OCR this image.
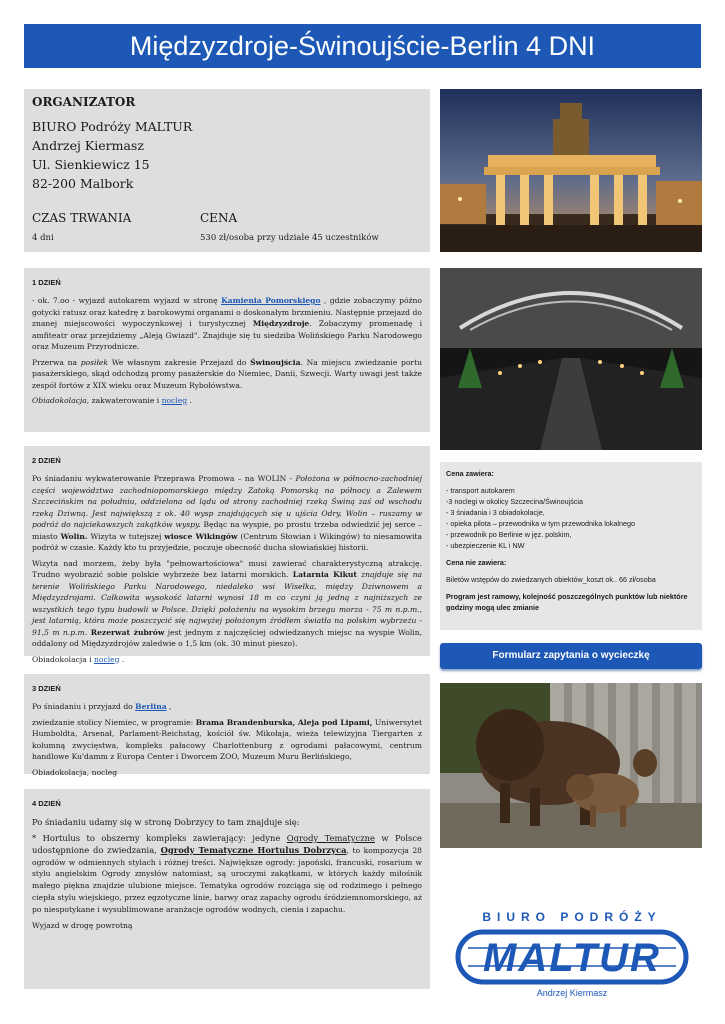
Międzyzdroje-Świnoujście-Berlin 4 DNI
ORGANIZATOR
BIURO Podróży MALTUR
Andrzej Kiermasz
Ul. Sienkiewicz 15
82-200 Malbork
CZAS TRWANIA
4 dni
CENA
530 zł/osoba przy udziale 45 uczestników
1 DZIEŃ

- ok. 7.oo - wyjazd autokarem wyjazd w stronę Kamienia Pomorskiego , gdzie zobaczymy późno gotycki ratusz oraz katedrę z barokowymi organami o doskonałym brzmieniu. Następnie przejazd do znanej miejscowości wypoczynkowej i turystycznej Międzyzdroje. Zobaczymy promenadę i amfiteatr oraz przejdziemy „Aleją Gwiazd". Znajduje się tu siedziba Wolińskiego Parku Narodowego oraz Muzeum Przyrodnicze.

Przerwa na posiłek We własnym zakresie Przejazd do Świnoujścia. Na miejscu zwiedzanie portu pasażerskiego, skąd odchodzą promy pasażerskie do Niemiec, Danii, Szwecji. Warty uwagi jest także zespół fortów z XIX wieku oraz Muzeum Rybołówstwa.

Obiadokolacja, zakwaterowanie i nocleg .

2 DZIEŃ

Po śniadaniu wykwaterowanie Przeprawa Promowa – na WOLIN - Położona w północno-zachodniej części województwa zachodniopomorskiego między Zatoką Pomorską na północy a Zalewem Szczecińskim na południu, oddzielona od lądu od strony zachodniej rzeką Świną zaś od wschodu rzeką Dziwną. Jest największą z ok. 40 wysp znajdujących się u ujścia Odry. Wolin – ruszamy w podróż do najciekawszych zakątków wyspy. Będąc na wyspie, po prostu trzeba odwiedzić jej serce – miasto Wolin. Wizyta w tutejszej wiosce Wikingów (Centrum Słowian i Wikingów) to niesamowita podróż w czasie. Każdy kto tu przyjedzie, poczuje obecność ducha słowiańskiej historii.

Wizyta nad morzem, żeby była "pełnowartościowa" musi zawierać charakterystyczną atrakcję. Trudno wyobrazić sobie polskie wybrzeże bez latarni morskich. Latarnia Kikut znajduje się na terenie Wolińskiego Parku Narodowego, niedaleko wsi Wisełka, między Dziwnowem a Międzyzdrojami. Całkowita wysokość latarni wynosi 18 m co czyni ją jedną z najniższych ze wszystkich tego typu budowli w Polsce. Dzięki położeniu na wysokim brzegu morza - 75 m n.p.m., jest latarnią, która może poszczycić się najwyżej położonym źródłem światła na polskim wybrzeżu - 91,5 m n.p.m. Rezerwat żubrów jest jednym z najczęściej odwiedzanych miejsc na wyspie Wolin, oddalony od Międzyzdrojów zaledwie o 1,5 km (ok. 30 minut pieszo).

Obiadokolacja i nocleg .

Cena zawiera:
- transport autokarem
-3 noclegi w okolicy Szczecina/Świnoujścia
- 3 śniadania i 3 obiadokolacje,
- opieka pilota – przewodnika w tym przewodnika lokalnego
- przewodnik po Berlinie w jęz. polskim,
- ubezpieczenie KL i NW
Cena nie zawiera:
Biletów wstępów do zwiedzanych obiektów_koszt ok.. 66 zł/osoba
Program jest ramowy, kolejność poszczególnych punktów lub niektóre godziny mogą ulec zmianie
Formularz zapytania o wycieczkę
3 DZIEŃ

Po śniadaniu i przyjazd do Berlina ,

zwiedzanie stolicy Niemiec, w programie: Brama Brandenburska, Aleja pod Lipami, Uniwersytet Humboldta, Arsenał, Parlament-Reichstag, kościół św. Mikołaja, wieża telewizyjna Tiergarten z kolumną zwycięstwa, kompleks pałacowy Charlottenburg z ogrodami pałacowymi, centrum handlowe Ku'damm z Europa Center i Dworcem ZOO, Muzeum Muru Berlińskiego,

Obiadokolacja, nocleg

4 DZIEŃ

Po śniadaniu udamy się w stronę Dobrzycy to tam znajduje się:

* Hortulus to obszerny kompleks zawierający: jedyne Ogrody Tematyczne w Polsce udostępnione do zwiedzania, Ogrody Tematyczne Hortulus Dobrzyca, to kompozycja 28 ogrodów w odmiennych stylach i różnej treści. Największe ogrody: japoński, francuski, rosarium w stylu angielskim Ogrody zmysłów natomiast, są uroczymi zakątkami, w których każdy miłośnik małego piękna znajdzie ulubione miejsce. Tematyka ogrodów rozciąga się od rodzimego i pełnego ciepła stylu wiejskiego, przez egzotyczne linie, barwy oraz zapachy ogrodu śródziemnomorskiego, aż po niespotykane i wysublimowane aranżacje ogrodów wodnych, cienia i zapachu.

Wyjazd w drogę powrotną

BIURO PODRÓŻY
MALTUR
Andrzej Kiermasz
